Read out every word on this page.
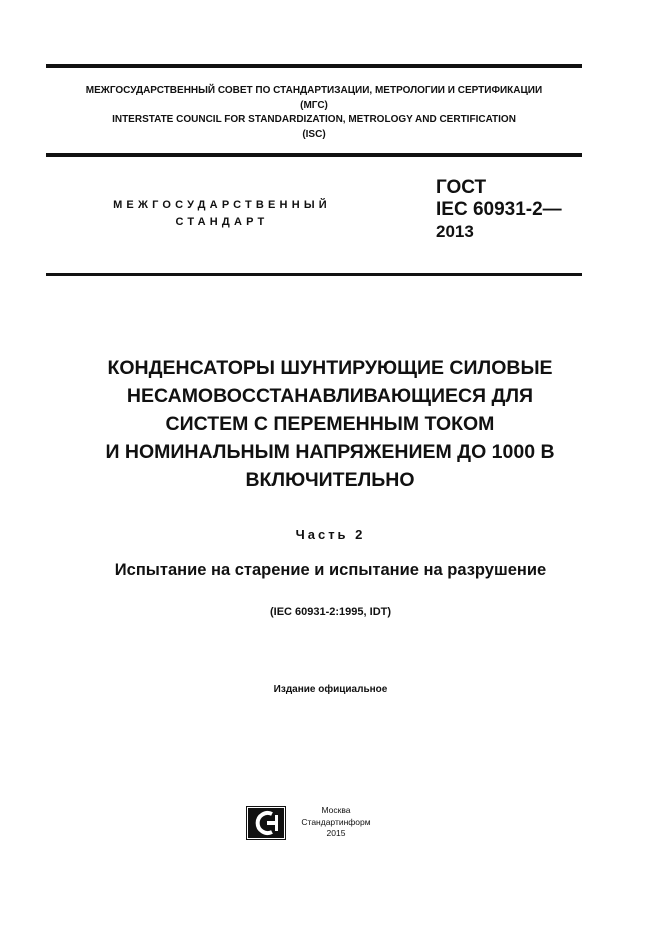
МЕЖГОСУДАРСТВЕННЫЙ СОВЕТ ПО СТАНДАРТИЗАЦИИ, МЕТРОЛОГИИ И СЕРТИФИКАЦИИ
(МГС)
INTERSTATE COUNCIL FOR STANDARDIZATION, METROLOGY AND CERTIFICATION
(ISC)
МЕЖГОСУДАРСТВЕННЫЙ
СТАНДАРТ
ГОСТ
IEC 60931-2—
2013
КОНДЕНСАТОРЫ ШУНТИРУЮЩИЕ СИЛОВЫЕ
НЕСАМОВОССТАНАВЛИВАЮЩИЕСЯ ДЛЯ
СИСТЕМ С ПЕРЕМЕННЫМ ТОКОМ
И НОМИНАЛЬНЫМ НАПРЯЖЕНИЕМ ДО 1000 В
ВКЛЮЧИТЕЛЬНО
Часть 2
Испытание на старение и испытание на разрушение
(IEC 60931-2:1995, IDT)
Издание официальное
Москва
Стандартинформ
2015
